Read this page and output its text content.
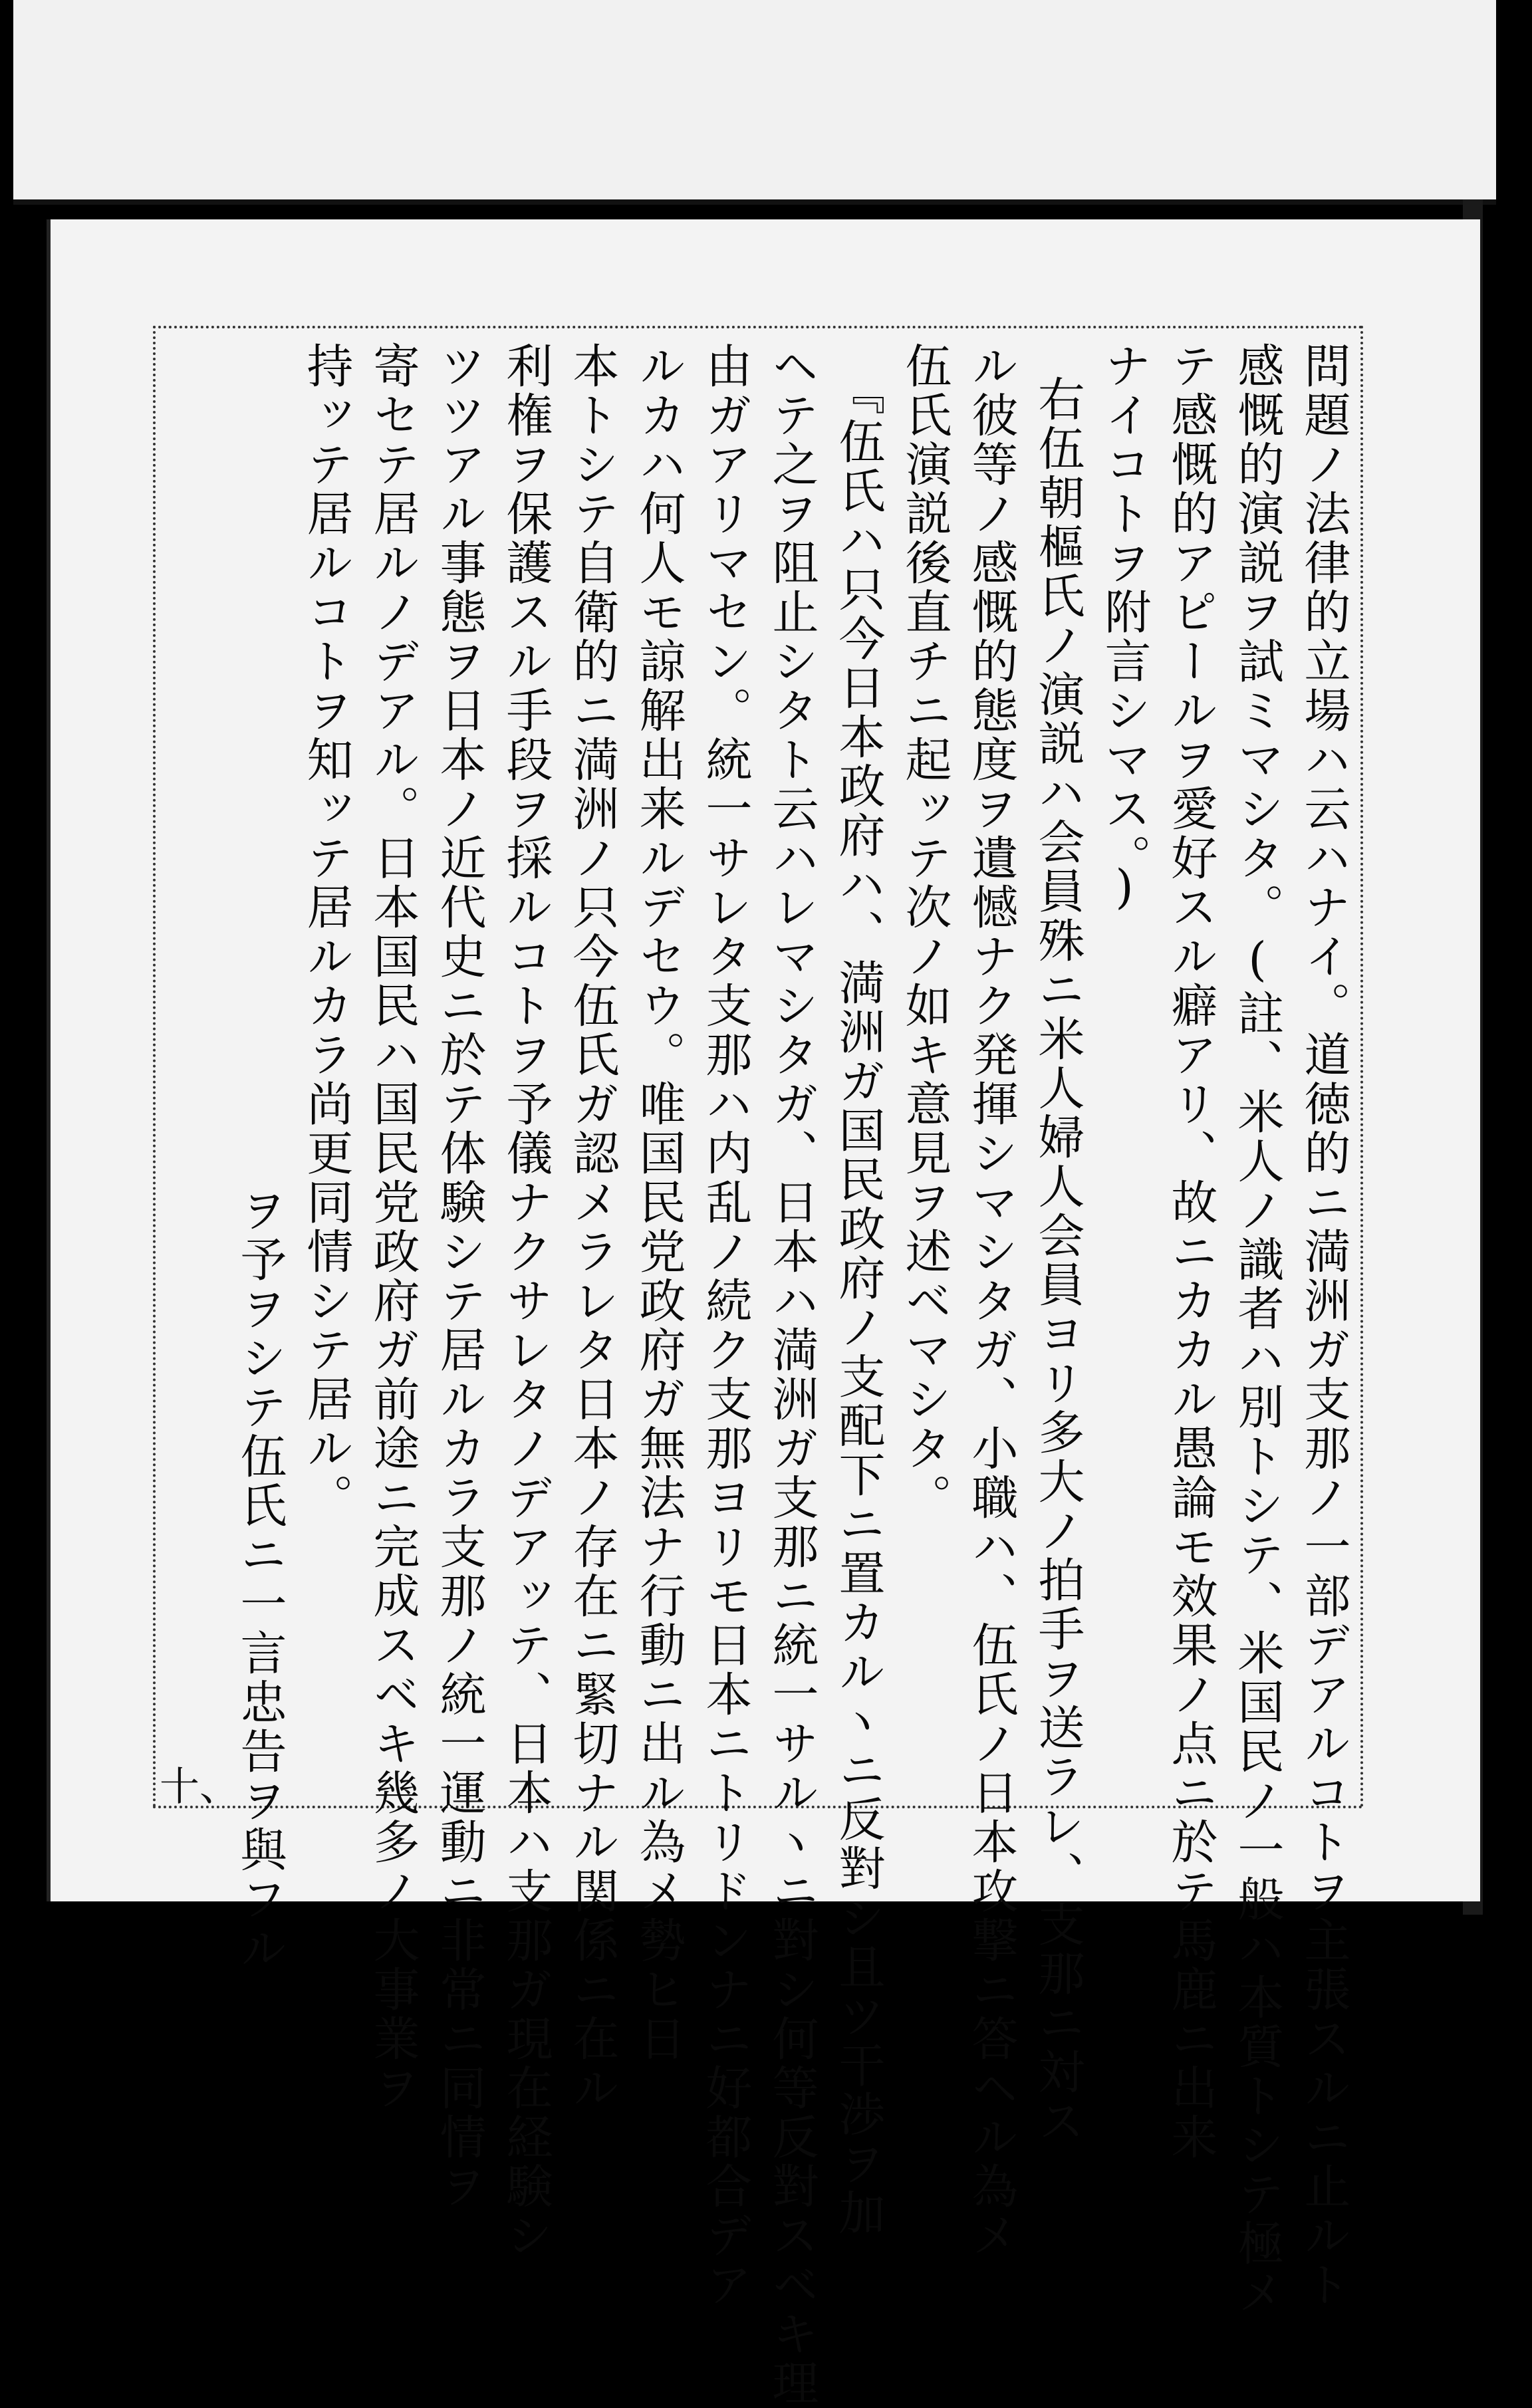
問題ノ法律的立場ハ云ハナイ。道徳的ニ満洲ガ支那ノ一部デアルコトヲ主張スルニ止ルト
感慨的演説ヲ試ミマシタ。(註、米人ノ識者ハ別トシテ、米国民ノ一般ハ本質トシテ極メ
テ感慨的アピールヲ愛好スル癖アリ、故ニカカル愚論モ效果ノ点ニ於テ馬鹿ニ出来
ナイコトヲ附言シマス。)
右伍朝樞氏ノ演説ハ会員殊ニ米人婦人会員ヨリ多大ノ拍手ヲ送ラレ、支那ニ対ス
ル彼等ノ感慨的態度ヲ遺憾ナク発揮シマシタガ、小職ハ、伍氏ノ日本攻撃ニ答ヘル為メ
伍氏演説後直チニ起ッテ次ノ如キ意見ヲ述ベマシタ。
『伍氏ハ只今日本政府ハ、満洲ガ国民政府ノ支配下ニ置カルヽニ反對シ且ツ干渉ヲ加
ヘテ之ヲ阻止シタト云ハレマシタガ、日本ハ満洲ガ支那ニ統一サルヽニ對シ何等反對スベキ理
由ガアリマセン。統一サレタ支那ハ内乱ノ続ク支那ヨリモ日本ニトリドンナニ好都合デア
ルカハ何人モ諒解出来ルデセウ。唯国民党政府ガ無法ナ行動ニ出ル為メ勢ヒ日
本トシテ自衛的ニ満洲ノ只今伍氏ガ認メラレタ日本ノ存在ニ緊切ナル関係ニ在ル
利権ヲ保護スル手段ヲ採ルコトヲ予儀ナクサレタノデアッテ、日本ハ支那ガ現在経験シ
ツツアル事態ヲ日本ノ近代史ニ於テ体験シテ居ルカラ支那ノ統一運動ニ非常ニ同情ヲ
寄セテ居ルノデアル。日本国民ハ国民党政府ガ前途ニ完成スベキ幾多ノ大事業ヲ
持ッテ居ルコトヲ知ッテ居ルカラ尚更同情シテ居ル。
ヲ予ヲシテ伍氏ニ一言忠告ヲ與フル
十、
